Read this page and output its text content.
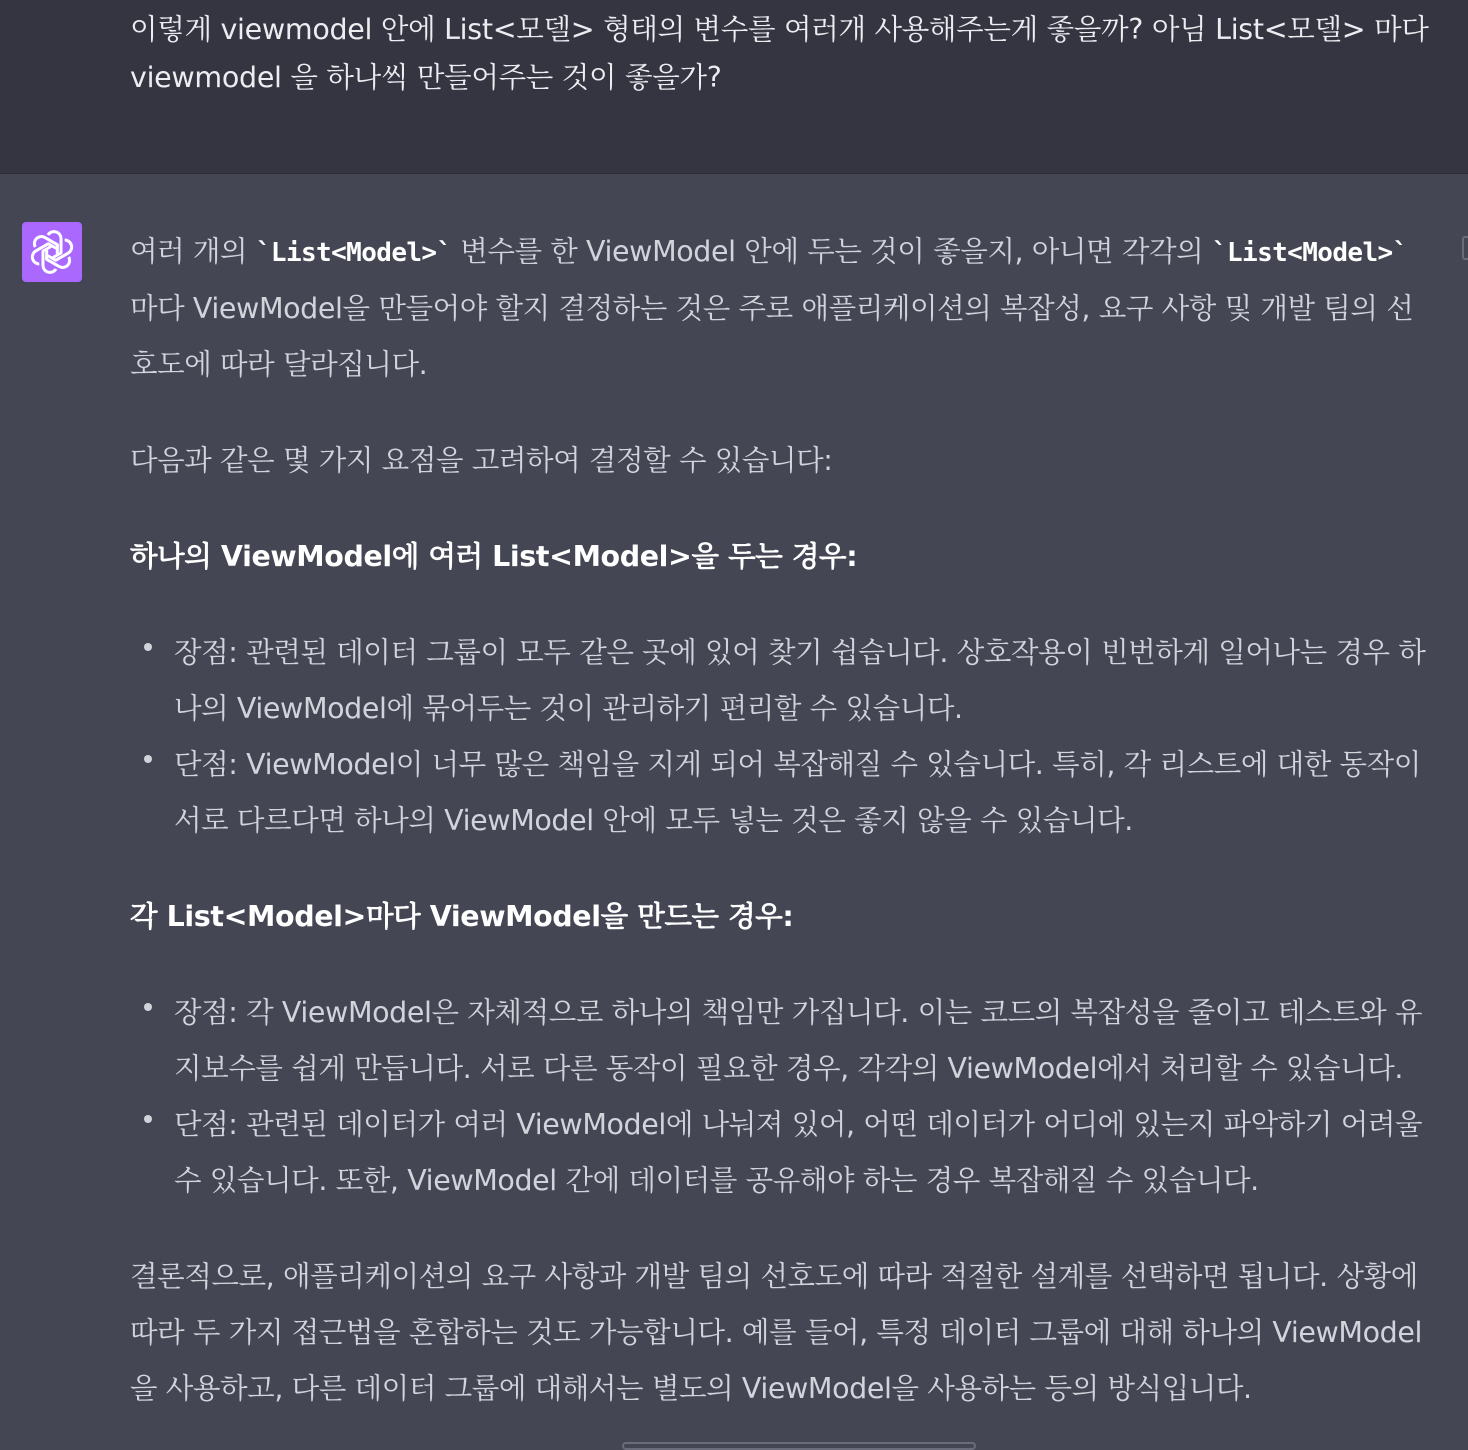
이렇게 viewmodel 안에 List<모델> 형태의 변수를 여러개 사용해주는게 좋을까? 아님 List<모델> 마다
viewmodel 을 하나씩 만들어주는 것이 좋을가?

여러 개의 `List<Model>` 변수를 한 ViewModel 안에 두는 것이 좋을지, 아니면 각각의 `List<Model>`마다 ViewModel을 만들어야 할지 결정하는 것은 주로 애플리케이션의 복잡성, 요구 사항 및 개발 팀의 선호도에 따라 달라집니다.

다음과 같은 몇 가지 요점을 고려하여 결정할 수 있습니다:

하나의 ViewModel에 여러 List<Model>을 두는 경우:

장점: 관련된 데이터 그룹이 모두 같은 곳에 있어 찾기 쉽습니다. 상호작용이 빈번하게 일어나는 경우 하나의 ViewModel에 묶어두는 것이 관리하기 편리할 수 있습니다.
단점: ViewModel이 너무 많은 책임을 지게 되어 복잡해질 수 있습니다. 특히, 각 리스트에 대한 동작이 서로 다르다면 하나의 ViewModel 안에 모두 넣는 것은 좋지 않을 수 있습니다.

각 List<Model>마다 ViewModel을 만드는 경우:

장점: 각 ViewModel은 자체적으로 하나의 책임만 가집니다. 이는 코드의 복잡성을 줄이고 테스트와 유지보수를 쉽게 만듭니다. 서로 다른 동작이 필요한 경우, 각각의 ViewModel에서 처리할 수 있습니다.
단점: 관련된 데이터가 여러 ViewModel에 나눠져 있어, 어떤 데이터가 어디에 있는지 파악하기 어려울 수 있습니다. 또한, ViewModel 간에 데이터를 공유해야 하는 경우 복잡해질 수 있습니다.

결론적으로, 애플리케이션의 요구 사항과 개발 팀의 선호도에 따라 적절한 설계를 선택하면 됩니다. 상황에 따라 두 가지 접근법을 혼합하는 것도 가능합니다. 예를 들어, 특정 데이터 그룹에 대해 하나의 ViewModel을 사용하고, 다른 데이터 그룹에 대해서는 별도의 ViewModel을 사용하는 등의 방식입니다.
